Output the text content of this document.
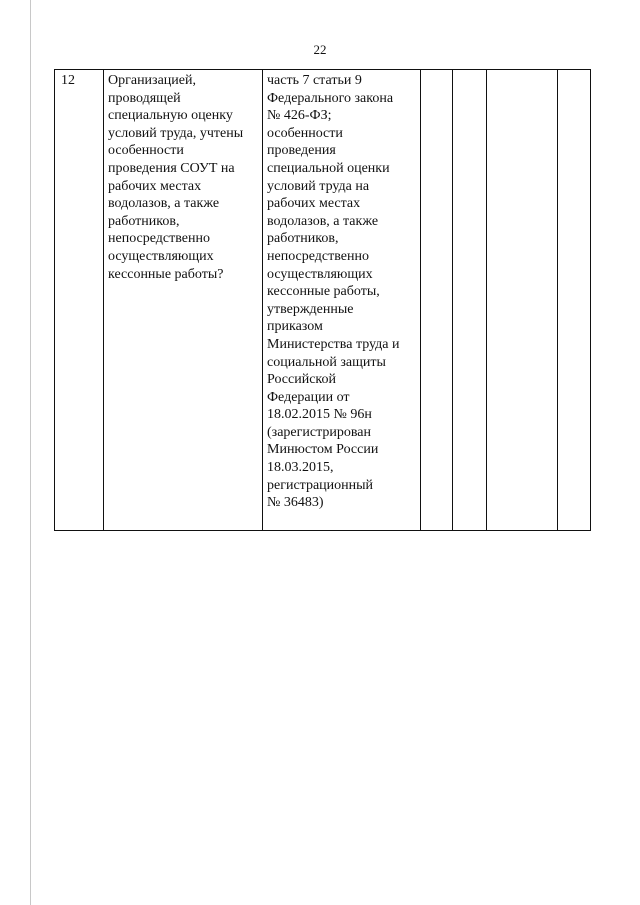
22
12	Организацией,
проводящей
специальную оценку
условий труда, учтены
особенности
проведения СОУТ на
рабочих местах
водолазов, а также
работников,
непосредственно
осуществляющих
кессонные работы?	часть 7 статьи 9
Федерального закона
№ 426-ФЗ;
особенности
проведения
специальной оценки
условий труда на
рабочих местах
водолазов, а также
работников,
непосредственно
осуществляющих
кессонные работы,
утвержденные
приказом
Министерства труда и
социальной защиты
Российской
Федерации от
18.02.2015 № 96н
(зарегистрирован
Минюстом России
18.03.2015,
регистрационный
№ 36483)				
